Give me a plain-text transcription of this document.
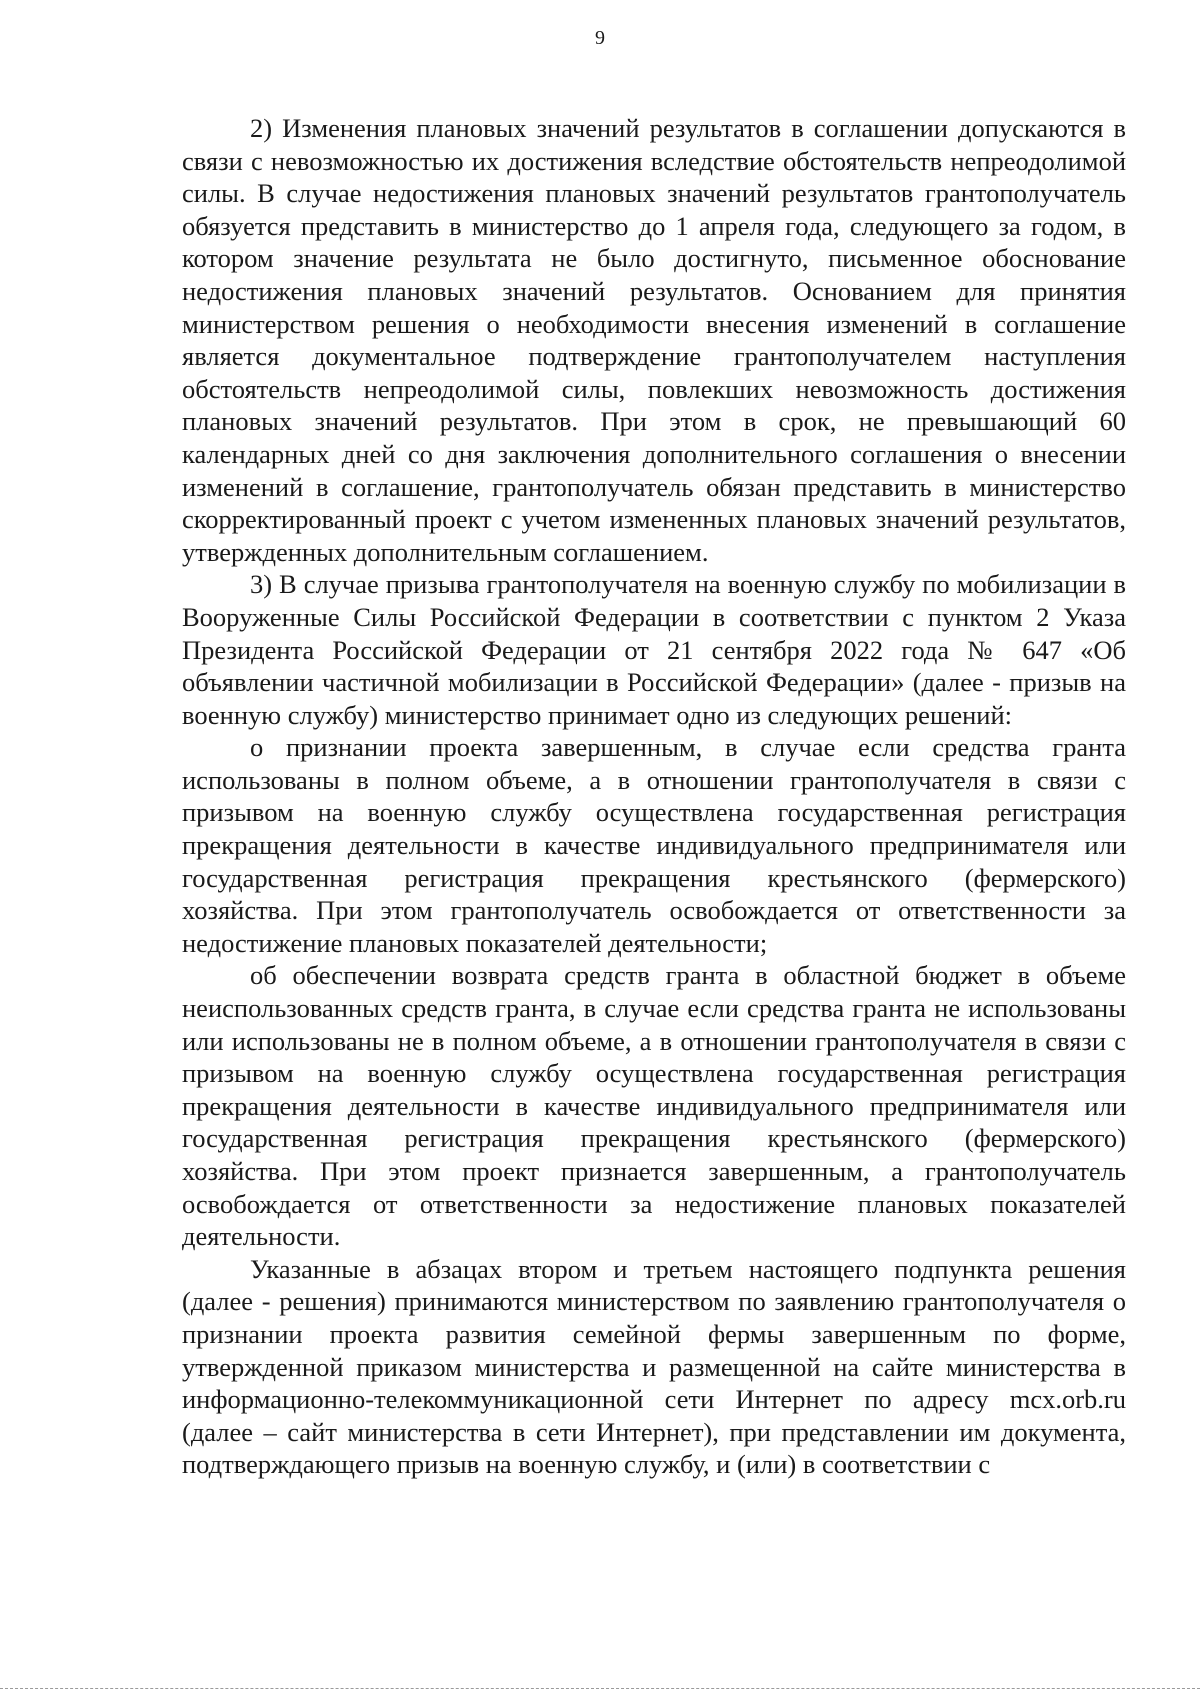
9

2) Изменения плановых значений результатов в соглашении допускаются в связи с невозможностью их достижения вследствие обстоятельств непреодолимой силы. В случае недостижения плановых значений результатов грантополучатель обязуется представить в министерство до 1 апреля года, следующего за годом, в котором значение результата не было достигнуто, письменное обоснование недостижения плановых значений результатов. Основанием для принятия министерством решения о необходимости внесения изменений в соглашение является документальное подтверждение грантополучателем наступления обстоятельств непреодолимой силы, повлекших невозможность достижения плановых значений результатов. При этом в срок, не превышающий 60 календарных дней со дня заключения дополнительного соглашения о внесении изменений в соглашение, грантополучатель обязан представить в министерство скорректированный проект с учетом измененных плановых значений результатов, утвержденных дополнительным соглашением.

3) В случае призыва грантополучателя на военную службу по мобилизации в Вооруженные Силы Российской Федерации в соответствии с пунктом 2 Указа Президента Российской Федерации от 21 сентября 2022 года № 647 «Об объявлении частичной мобилизации в Российской Федерации» (далее - призыв на военную службу) министерство принимает одно из следующих решений:

о признании проекта завершенным, в случае если средства гранта использованы в полном объеме, а в отношении грантополучателя в связи с призывом на военную службу осуществлена государственная регистрация прекращения деятельности в качестве индивидуального предпринимателя или государственная регистрация прекращения крестьянского (фермерского) хозяйства. При этом грантополучатель освобождается от ответственности за недостижение плановых показателей деятельности;

об обеспечении возврата средств гранта в областной бюджет в объеме неиспользованных средств гранта, в случае если средства гранта не использованы или использованы не в полном объеме, а в отношении грантополучателя в связи с призывом на военную службу осуществлена государственная регистрация прекращения деятельности в качестве индивидуального предпринимателя или государственная регистрация прекращения крестьянского (фермерского) хозяйства. При этом проект признается завершенным, а грантополучатель освобождается от ответственности за недостижение плановых показателей деятельности.

Указанные в абзацах втором и третьем настоящего подпункта решения (далее - решения) принимаются министерством по заявлению грантополучателя о признании проекта развития семейной фермы завершенным по форме, утвержденной приказом министерства и размещенной на сайте министерства в информационно-телекоммуникационной сети Интернет по адресу mcx.orb.ru (далее – сайт министерства в сети Интернет), при представлении им документа, подтверждающего призыв на военную службу, и (или) в соответствии с
